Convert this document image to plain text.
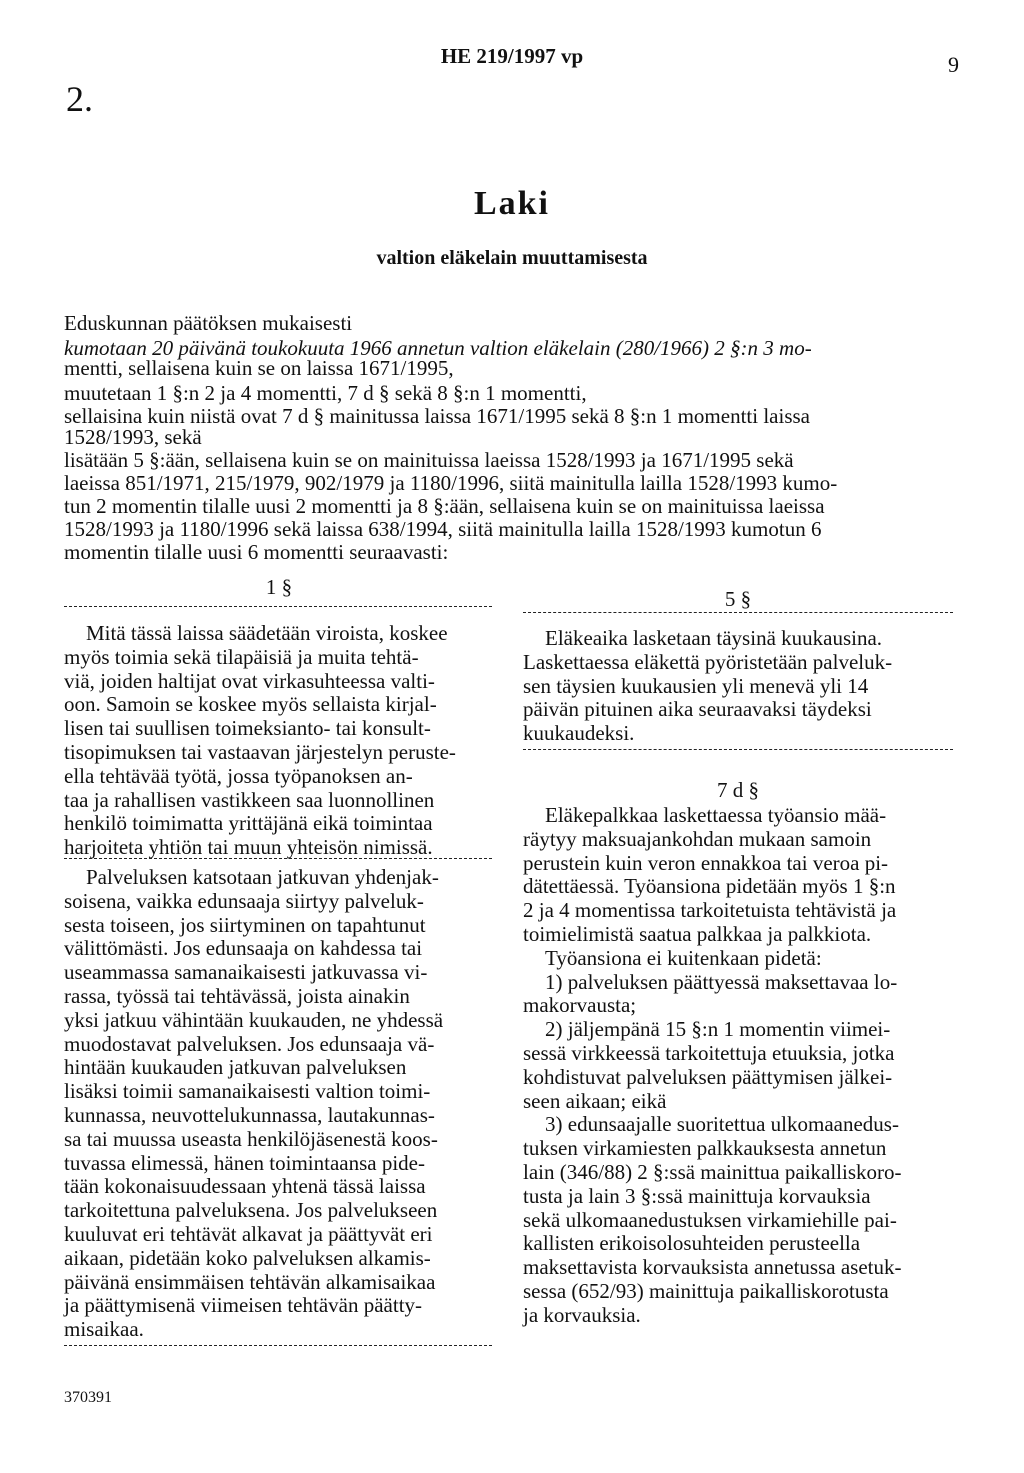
HE 219/1997 vp	9
2.
Laki
valtion eläkelain muuttamisesta
Eduskunnan päätöksen mukaisesti
kumotaan 20 päivänä toukokuuta 1966 annetun valtion eläkelain (280/1966) 2 §:n 3 mo-
mentti, sellaisena kuin se on laissa 1671/1995,
muutetaan 1 §:n 2 ja 4 momentti, 7 d § sekä 8 §:n 1 momentti,
sellaisina kuin niistä ovat 7 d § mainitussa laissa 1671/1995 sekä 8 §:n 1 momentti laissa
1528/1993, sekä
lisätään 5 §:ään, sellaisena kuin se on mainituissa laeissa 1528/1993 ja 1671/1995 sekä
laeissa 851/1971, 215/1979, 902/1979 ja 1180/1996, siitä mainitulla lailla 1528/1993 kumo-
tun 2 momentin tilalle uusi 2 momentti ja 8 §:ään, sellaisena kuin se on mainituissa laeissa
1528/1993 ja 1180/1996 sekä laissa 638/1994, siitä mainitulla lailla 1528/1993 kumotun 6
momentin tilalle uusi 6 momentti seuraavasti:
1 §
Mitä tässä laissa säädetään viroista, koskee
myös toimia sekä tilapäisiä ja muita tehtä-
viä, joiden haltijat ovat virkasuhteessa valti-
oon. Samoin se koskee myös sellaista kirjal-
lisen tai suullisen toimeksianto- tai konsult-
tisopimuksen tai vastaavan järjestelyn peruste-
ella tehtävää työtä, jossa työpanoksen an-
taa ja rahallisen vastikkeen saa luonnollinen
henkilö toimimatta yrittäjänä eikä toimintaa
harjoiteta yhtiön tai muun yhteisön nimissä.
Palveluksen katsotaan jatkuvan yhdenjak-
soisena, vaikka edunsaaja siirtyy palveluk-
sesta toiseen, jos siirtyminen on tapahtunut
välittömästi. Jos edunsaaja on kahdessa tai
useammassa samanaikaisesti jatkuvassa vi-
rassa, työssä tai tehtävässä, joista ainakin
yksi jatkuu vähintään kuukauden, ne yhdessä
muodostavat palveluksen. Jos edunsaaja vä-
hintään kuukauden jatkuvan palveluksen
lisäksi toimii samanaikaisesti valtion toimi-
kunnassa, neuvottelukunnassa, lautakunnas-
sa tai muussa useasta henkilöjäsenestä koos-
tuvassa elimessä, hänen toimintaansa pide-
tään kokonaisuudessaan yhtenä tässä laissa
tarkoitettuna palveluksena. Jos palvelukseen
kuuluvat eri tehtävät alkavat ja päättyvät eri
aikaan, pidetään koko palveluksen alkamis-
päivänä ensimmäisen tehtävän alkamisaikaa
ja päättymisenä viimeisen tehtävän päätty-
misaikaa.
5 §
Eläkeaika lasketaan täysinä kuukausina.
Laskettaessa eläkettä pyöristetään palveluk-
sen täysien kuukausien yli menevä yli 14
päivän pituinen aika seuraavaksi täydeksi
kuukaudeksi.
7 d §
Eläkepalkkaa laskettaessa työansio mää-
räytyy maksuajankohdan mukaan samoin
perustein kuin veron ennakkoa tai veroa pi-
dätettäessä. Työansiona pidetään myös 1 §:n
2 ja 4 momentissa tarkoitetuista tehtävistä ja
toimielimistä saatua palkkaa ja palkkiota.
Työansiona ei kuitenkaan pidetä:
1) palveluksen päättyessä maksettavaa lo-
makorvausta;
2) jäljempänä 15 §:n 1 momentin viimei-
sessä virkkeessä tarkoitettuja etuuksia, jotka
kohdistuvat palveluksen päättymisen jälkei-
seen aikaan; eikä
3) edunsaajalle suoritettua ulkomaanedus-
tuksen virkamiesten palkkauksesta annetun
lain (346/88) 2 §:ssä mainittua paikalliskoro-
tusta ja lain 3 §:ssä mainittuja korvauksia
sekä ulkomaanedustuksen virkamiehille pai-
kallisten erikoisolosuhteiden perusteella
maksettavista korvauksista annetussa asetuk-
sessa (652/93) mainittuja paikalliskorotusta
ja korvauksia.
370391
